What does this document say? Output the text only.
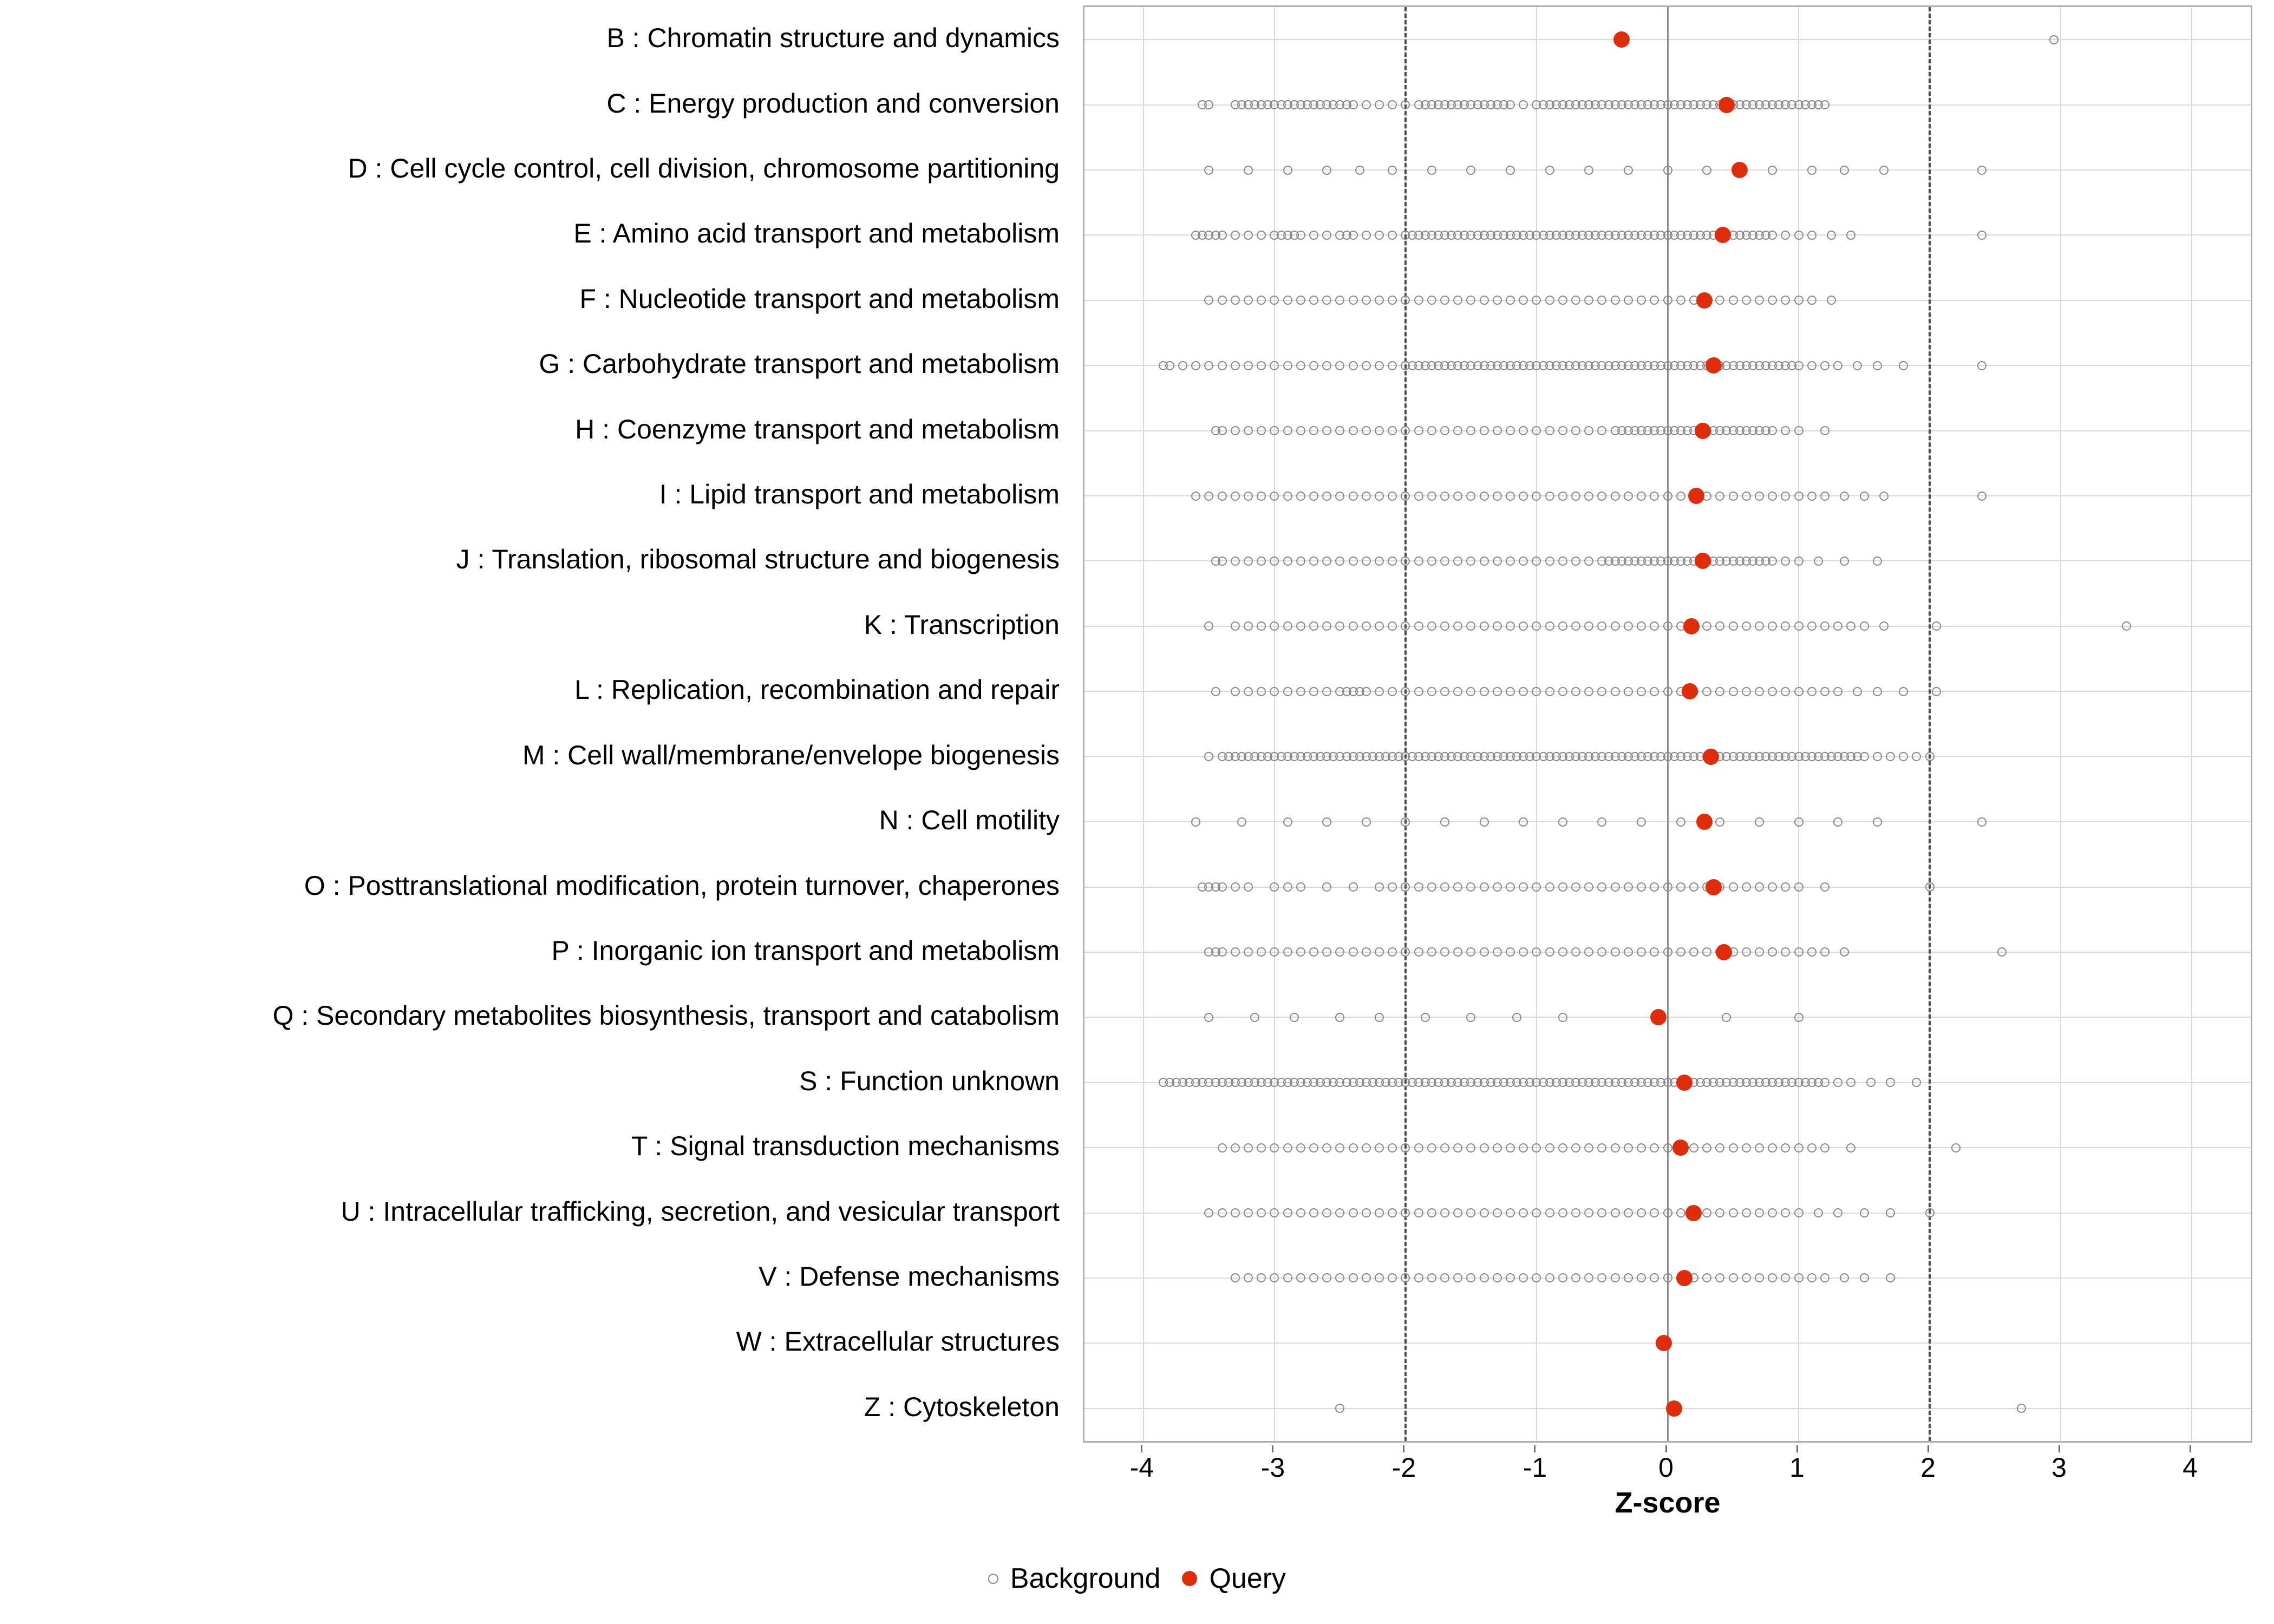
B : Chromatin structure and dynamics
C : Energy production and conversion
D : Cell cycle control, cell division, chromosome partitioning
E : Amino acid transport and metabolism
F : Nucleotide transport and metabolism
G : Carbohydrate transport and metabolism
H : Coenzyme transport and metabolism
I : Lipid transport and metabolism
J : Translation, ribosomal structure and biogenesis
K : Transcription
L : Replication, recombination and repair
M : Cell wall/membrane/envelope biogenesis
N : Cell motility
O : Posttranslational modification, protein turnover, chaperones
P : Inorganic ion transport and metabolism
Q : Secondary metabolites biosynthesis, transport and catabolism
S : Function unknown
T : Signal transduction mechanisms
U : Intracellular trafficking, secretion, and vesicular transport
V : Defense mechanisms
W : Extracellular structures
Z : Cytoskeleton
-4	-3	-2	-1	0	1	2	3	4
Z-score
Background Query
